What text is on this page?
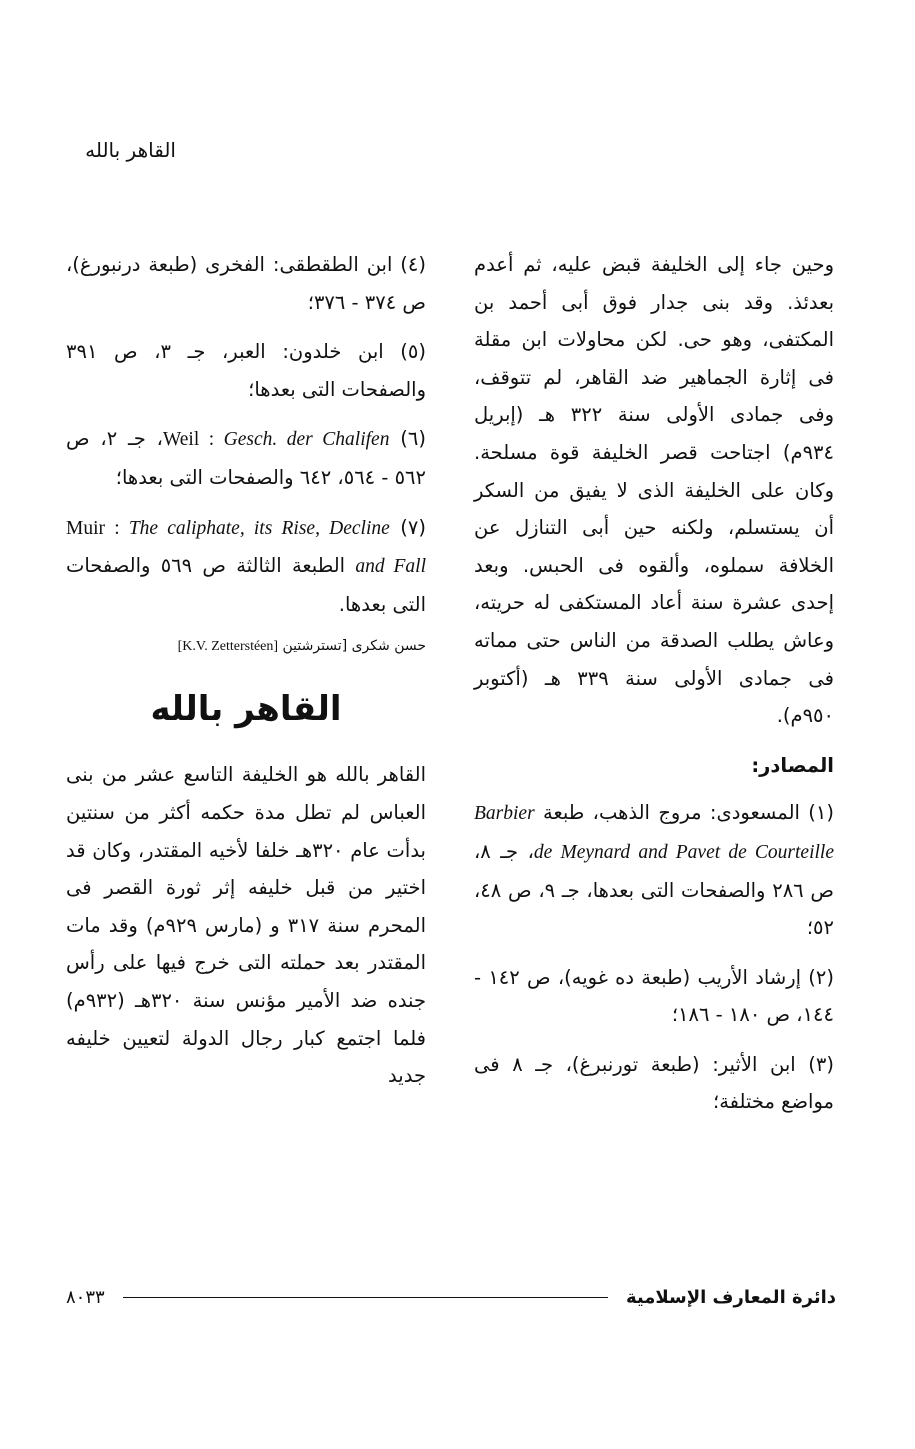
القاهر بالله

وحين جاء إلى الخليفة قبض عليه، ثم أعدم بعدئذ. وقد بنى جدار فوق أبى أحمد بن المكتفى، وهو حى. لكن محاولات ابن مقلة فى إثارة الجماهير ضد القاهر، لم تتوقف، وفى جمادى الأولى سنة ٣٢٢ هـ (إبريل ٩٣٤م) اجتاحت قصر الخليفة قوة مسلحة. وكان على الخليفة الذى لا يفيق من السكر أن يستسلم، ولكنه حين أبى التنازل عن الخلافة سملوه، وألقوه فى الحبس. وبعد إحدى عشرة سنة أعاد المستكفى له حريته، وعاش يطلب الصدقة من الناس حتى مماته فى جمادى الأولى سنة ٣٣٩ هـ (أكتوبر ٩٥٠م).

المصادر:

(١) المسعودى: مروج الذهب، طبعة Barbier de Meynard and Pavet de Courteille، جـ ٨، ص ٢٨٦ والصفحات التى بعدها، جـ ٩، ص ٤٨، ٥٢؛

(٢) إرشاد الأريب (طبعة ده غويه)، ص ١٤٢ - ١٤٤، ص ١٨٠ - ١٨٦؛

(٣) ابن الأثير: (طبعة تورنبرغ)، جـ ٨ فى مواضع مختلفة؛

(٤) ابن الطقطقى: الفخرى (طبعة درنبورغ)، ص ٣٧٤ - ٣٧٦؛

(٥) ابن خلدون: العبر، جـ ٣، ص ٣٩١ والصفحات التى بعدها؛

(٦) Weil : Gesch. der Chalifen، جـ ٢، ص ٥٦٢ - ٥٦٤، ٦٤٢ والصفحات التى بعدها؛

(٧) Muir : The caliphate, its Rise, Decline and Fall الطبعة الثالثة ص ٥٦٩ والصفحات التى بعدها.

حسن شكرى [تسترشتين [K.V. Zetterstéen]

القاهر بالله

القاهر بالله هو الخليفة التاسع عشر من بنى العباس لم تطل مدة حكمه أكثر من سنتين بدأت عام ٣٢٠هـ خلفا لأخيه المقتدر، وكان قد اختير من قبل خليفه إثر ثورة القصر فى المحرم سنة ٣١٧ و (مارس ٩٢٩م) وقد مات المقتدر بعد حملته التى خرج فيها على رأس جنده ضد الأمير مؤنس سنة ٣٢٠هـ (٩٣٢م) فلما اجتمع كبار رجال الدولة لتعيين خليفه جديد

دائرة المعارف الإسلامية
٨٠٣٣
